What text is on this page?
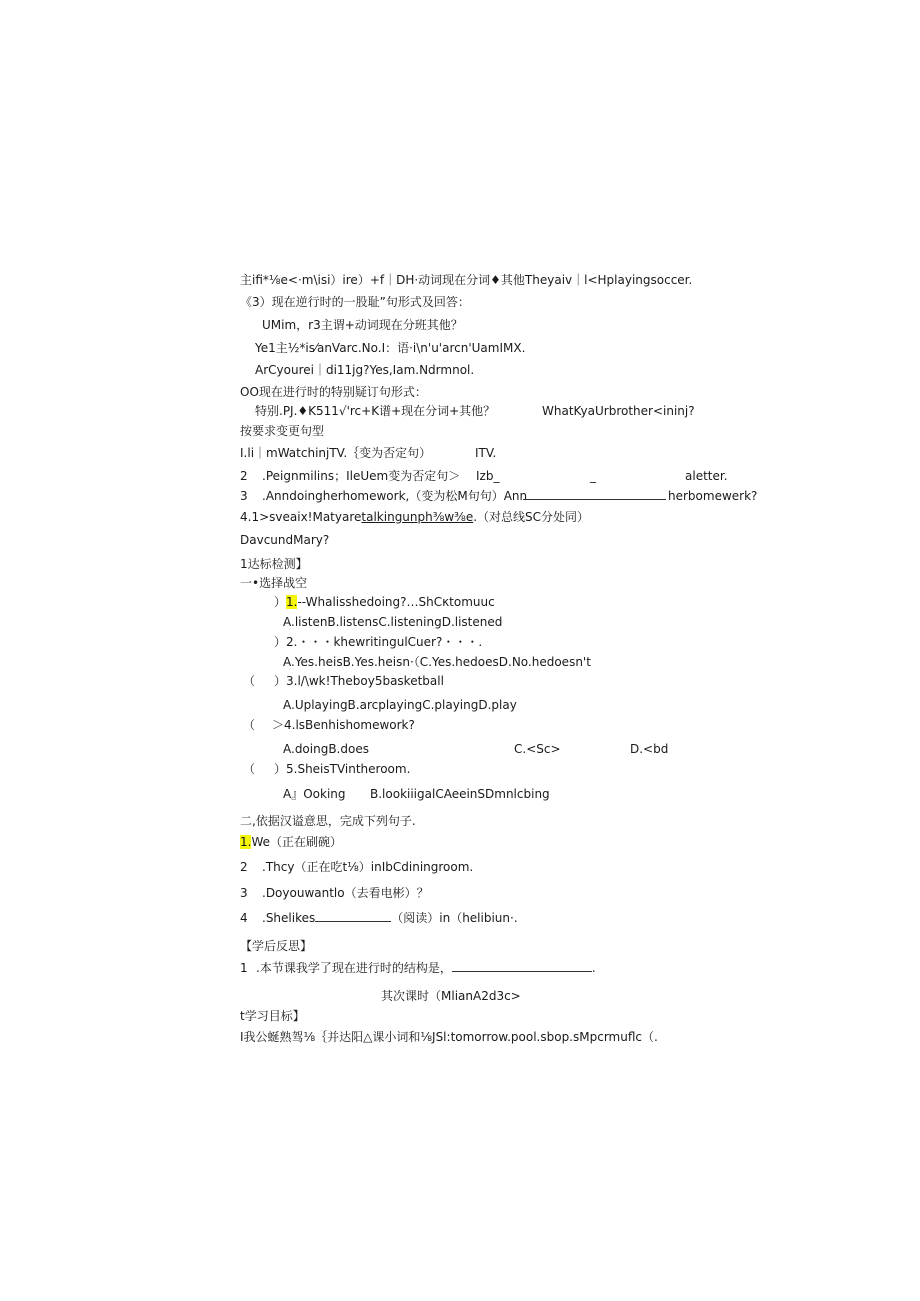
主ifi*⅛e<·m\isi）ire）+f｜DH·动词现在分词♦其他Theyaiv｜l<Hplayingsoccer.
《3）现在逆行时的一股耻”句形式及回答：
UMim，r3主谓+动词现在分班其他？
Ye1主½*is⁄anVarc.No.I：语·i\n'u'arcn'UamIMX.
ArCyourei｜di11jg?Yes,Iam.Ndrmnol.
OO现在进行时的特别疑订句形式：
特别.PJ.♦K511√'rc+K谱+现在分词+其他？	WhatKyaUrbrother<ininj?
按要求变更句型
I.li｜mWatchinjTV.｛变为否定句）	ITV.
2 .Peignmilins；IleUem变为否定句＞ Izb_	_	aletter.
3 .Anndoingherhomework,（变为松M句句）Ann	herbomewerk?
4.1>sveaix!Matyaretalkingunph⅜w⅜e.（对总线SC分处同）
DavcundMary?
1达标检测】
一•选择战空
）1.--Whalisshedoing?…ShCκtomuuc
A.listenB.listensC.listeningD.listened
）2.・・・khewritingulCuer?・・・.
A.Yes.heisB.Yes.heisn·（C.Yes.hedoesD.No.hedoesn't
（ ）3.l/\wk!Theboy5basketball
A.UplayingB.arcplayingC.playingD.play
（ ＞4.lsBenhishomework?
A.doingB.does	C.<Sc>	D.<bd
（ ）5.SheisTVintheroom.
A』Ooking B.lookiiigalCAeeinSDmnlcbing
二,依据汉谥意思，完成下列句子.
1.We（正在刷碗）
2 .Thcy（正在吃t⅛）inIbCdiningroom.
3 .Doyouwantlo（去看电彬）？
4 .Shelikes	（阅读）in（helibiun·.
【学后反思】
1 .本节课我学了现在进行时的结构是，	.
其次课时（MlianA2d3c>
t学习目标】
I我公蜒熟驾⅛｛并达阳△课小词和⅛JSl:tomorrow.pool.sbop.sMpcrmuflc（.
